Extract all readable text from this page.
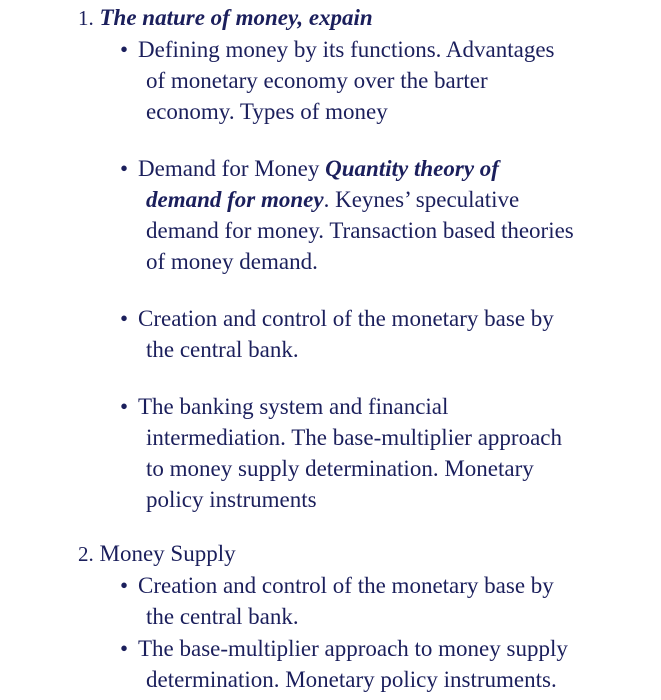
1. The nature of money, expain
• Defining money by its functions. Advantages
of monetary economy over the barter
economy. Types of money
• Demand for Money Quantity theory of
demand for money. Keynes’ speculative
demand for money. Transaction based theories
of money demand.
• Creation and control of the monetary base by
the central bank.
• The banking system and financial
intermediation. The base-multiplier approach
to money supply determination. Monetary
policy instruments
2. Money Supply
• Creation and control of the monetary base by
the central bank.
• The base-multiplier approach to money supply
determination. Monetary policy instruments.
